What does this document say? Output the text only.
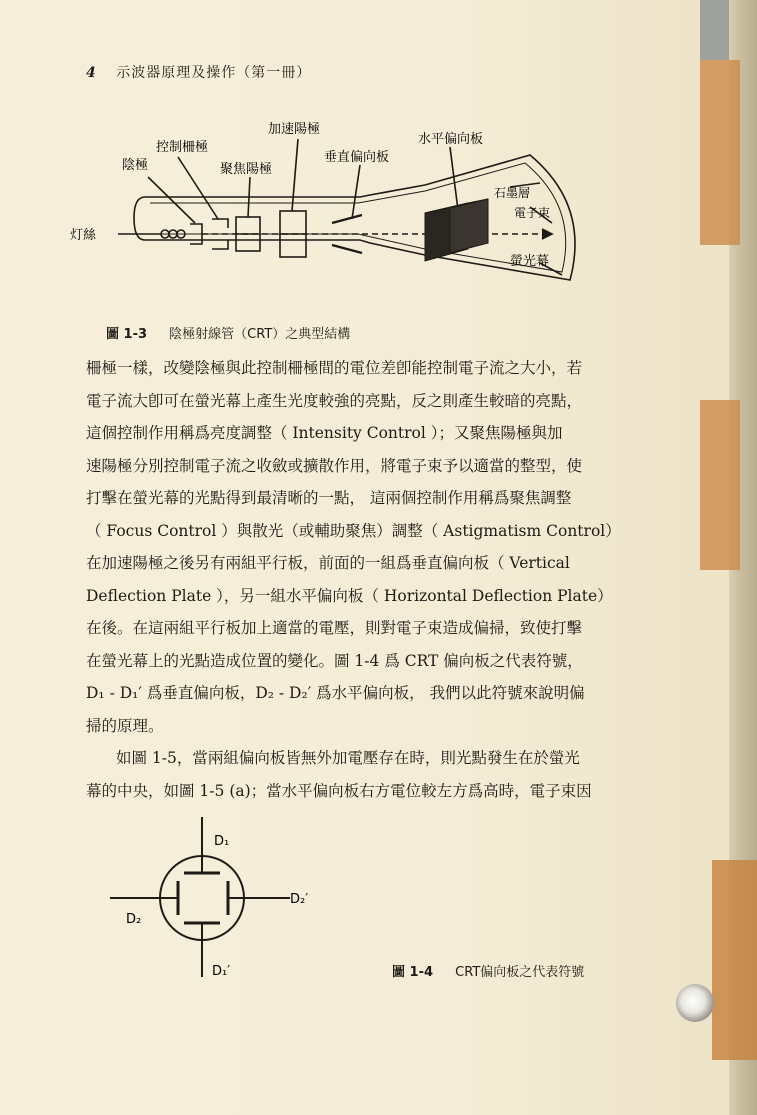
4 示波器原理及操作（第一冊）
灯絲
陰極
控制柵極
聚焦陽極
加速陽極
垂直偏向板
水平偏向板
石墨層
電子束
螢光幕
圖 1-3 陰極射線管（CRT）之典型結構

柵極一樣，改變陰極與此控制柵極間的電位差卽能控制電子流之大小，若

電子流大卽可在螢光幕上產生光度較強的亮點，反之則產生較暗的亮點，

這個控制作用稱爲亮度調整（ Intensity Control ）；又聚焦陽極與加

速陽極分別控制電子流之收斂或擴散作用，將電子束予以適當的整型，使

打擊在螢光幕的光點得到最清晰的一點， 這兩個控制作用稱爲聚焦調整

（ Focus Control ）與散光（或輔助聚焦）調整（ Astigmatism Control）

在加速陽極之後另有兩組平行板，前面的一組爲垂直偏向板（ Vertical

Deflection Plate ），另一組水平偏向板（ Horizontal Deflection Plate）

在後。在這兩組平行板加上適當的電壓，則對電子束造成偏掃，致使打擊

在螢光幕上的光點造成位置的變化。圖 1-4 爲 CRT 偏向板之代表符號，

D₁ - D₁′ 爲垂直偏向板，D₂ - D₂′ 爲水平偏向板， 我們以此符號來說明偏

掃的原理。

如圖 1-5，當兩組偏向板皆無外加電壓存在時，則光點發生在於螢光

幕的中央，如圖 1-5 (a)；當水平偏向板右方電位較左方爲高時，電子束因

D₁
D₁′
D₂
D₂′
圖 1-4 CRT偏向板之代表符號
